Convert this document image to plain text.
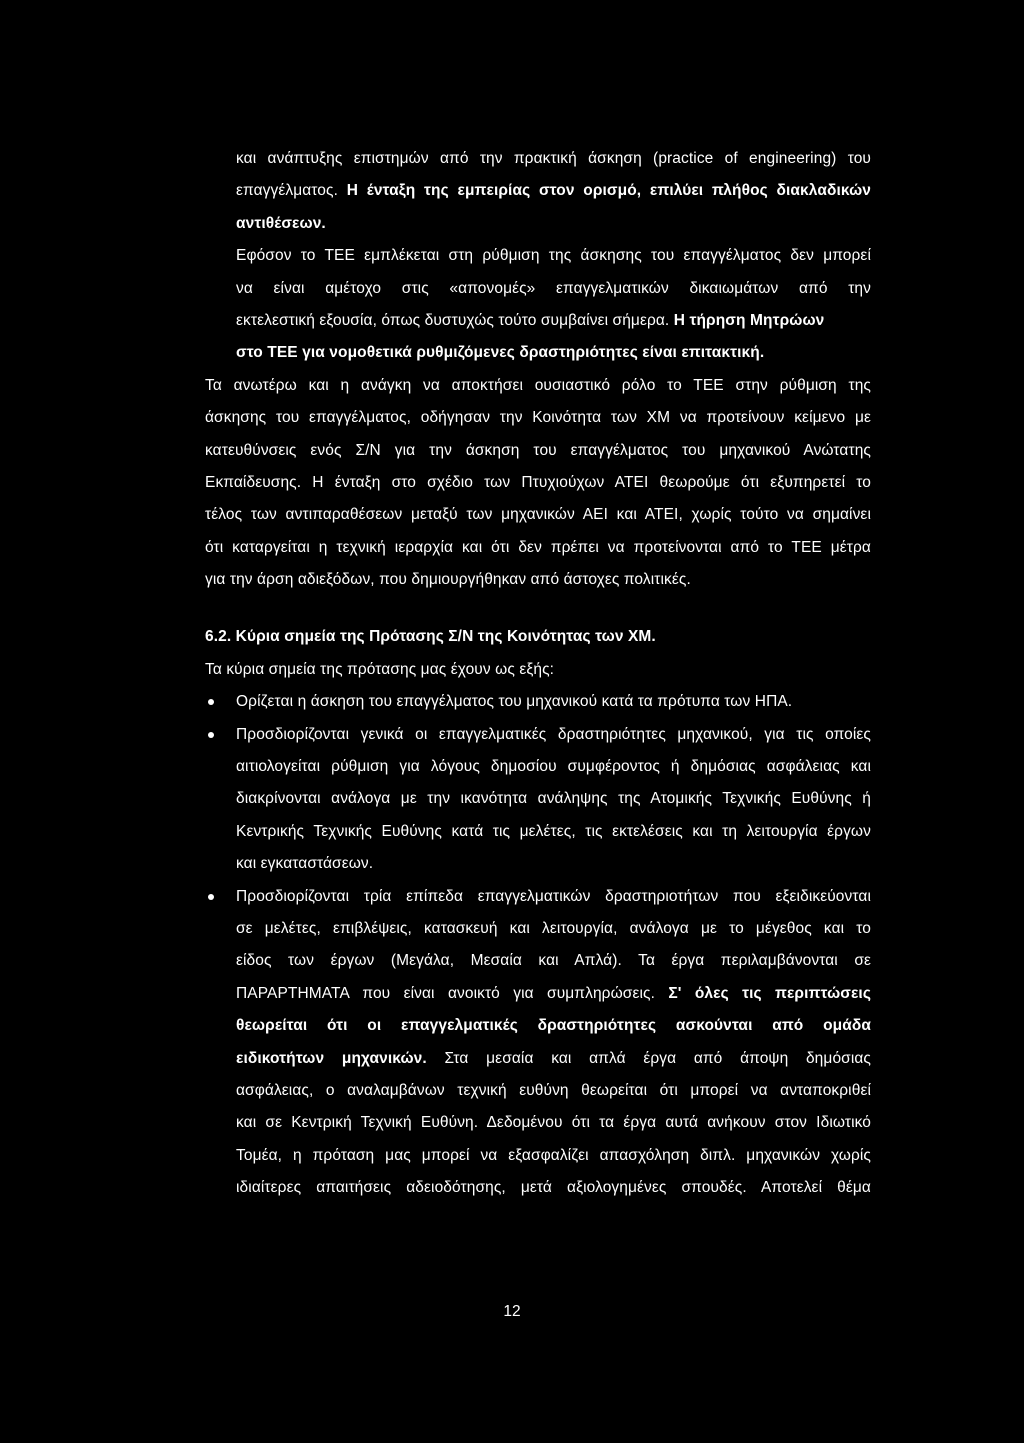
και ανάπτυξης επιστημών από την πρακτική άσκηση (practice of engineering) του
επαγγέλματος. Η ένταξη της εμπειρίας στον ορισμό, επιλύει πλήθος διακλαδικών
αντιθέσεων.
Εφόσον το ΤΕΕ εμπλέκεται στη ρύθμιση της άσκησης του επαγγέλματος δεν μπορεί
να είναι αμέτοχο στις «απονομές» επαγγελματικών δικαιωμάτων από την
εκτελεστική εξουσία, όπως δυστυχώς τούτο συμβαίνει σήμερα. Η τήρηση Μητρώων
στο ΤΕΕ για νομοθετικά ρυθμιζόμενες δραστηριότητες είναι επιτακτική.
Τα ανωτέρω και η ανάγκη να αποκτήσει ουσιαστικό ρόλο το ΤΕΕ στην ρύθμιση της
άσκησης του επαγγέλματος, οδήγησαν την Κοινότητα των ΧΜ να προτείνουν κείμενο με
κατευθύνσεις ενός Σ/Ν για την άσκηση του επαγγέλματος του μηχανικού Ανώτατης
Εκπαίδευσης. Η ένταξη στο σχέδιο των Πτυχιούχων ΑΤΕΙ θεωρούμε ότι εξυπηρετεί το
τέλος των αντιπαραθέσεων μεταξύ των μηχανικών ΑΕΙ και ΑΤΕΙ, χωρίς τούτο να σημαίνει
ότι καταργείται η τεχνική ιεραρχία και ότι δεν πρέπει να προτείνονται από το ΤΕΕ μέτρα
για την άρση αδιεξόδων, που δημιουργήθηκαν από άστοχες πολιτικές.
6.2. Κύρια σημεία της Πρότασης Σ/Ν της Κοινότητας των ΧΜ.
Τα κύρια σημεία της πρότασης μας έχουν ως εξής:
Ορίζεται η άσκηση του επαγγέλματος του μηχανικού κατά τα πρότυπα των ΗΠΑ.
Προσδιορίζονται γενικά οι επαγγελματικές δραστηριότητες μηχανικού, για τις οποίες
αιτιολογείται ρύθμιση για λόγους δημοσίου συμφέροντος ή δημόσιας ασφάλειας και
διακρίνονται ανάλογα με την ικανότητα ανάληψης της Ατομικής Τεχνικής Ευθύνης ή
Κεντρικής Τεχνικής Ευθύνης κατά τις μελέτες, τις εκτελέσεις και τη λειτουργία έργων
και εγκαταστάσεων.
Προσδιορίζονται τρία επίπεδα επαγγελματικών δραστηριοτήτων που εξειδικεύονται
σε μελέτες, επιβλέψεις, κατασκευή και λειτουργία, ανάλογα με το μέγεθος και το
είδος των έργων (Μεγάλα, Μεσαία και Απλά). Τα έργα περιλαμβάνονται σε
ΠΑΡΑΡΤΗΜΑΤΑ που είναι ανοικτό για συμπληρώσεις. Σ' όλες τις περιπτώσεις
θεωρείται ότι οι επαγγελματικές δραστηριότητες ασκούνται από ομάδα
ειδικοτήτων μηχανικών. Στα μεσαία και απλά έργα από άποψη δημόσιας
ασφάλειας, ο αναλαμβάνων τεχνική ευθύνη θεωρείται ότι μπορεί να ανταποκριθεί
και σε Κεντρική Τεχνική Ευθύνη. Δεδομένου ότι τα έργα αυτά ανήκουν στον Ιδιωτικό
Τομέα, η πρόταση μας μπορεί να εξασφαλίζει απασχόληση διπλ. μηχανικών χωρίς
ιδιαίτερες απαιτήσεις αδειοδότησης, μετά αξιολογημένες σπουδές. Αποτελεί θέμα
12
